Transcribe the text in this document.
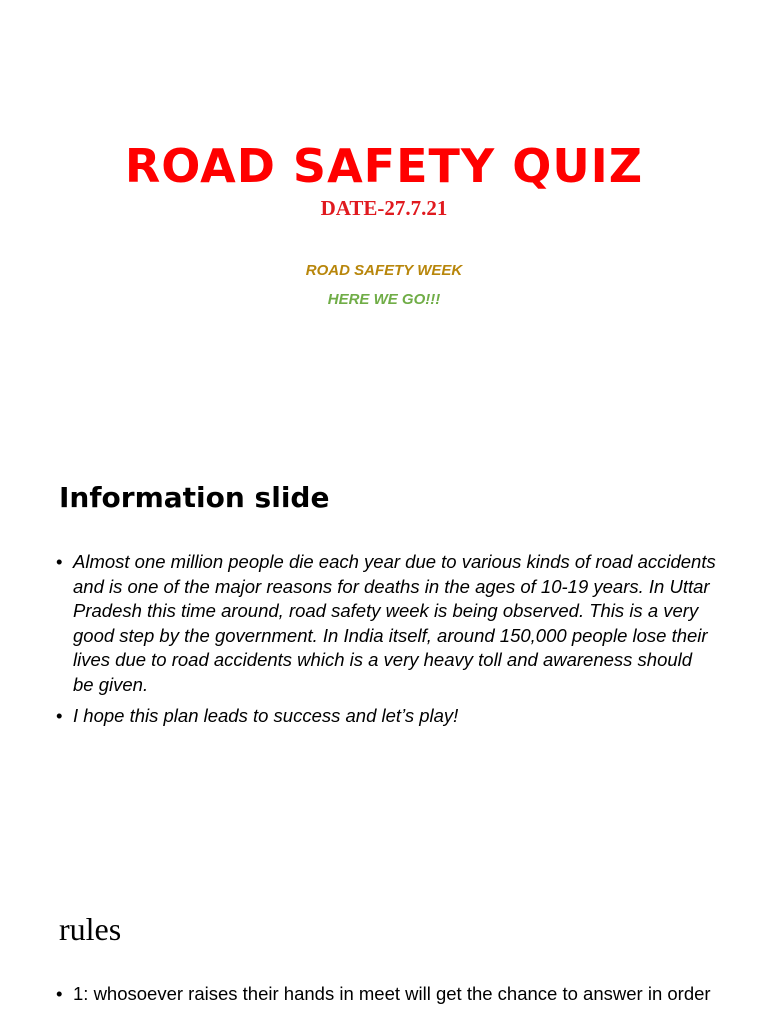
ROAD SAFETY QUIZ
DATE-27.7.21
ROAD SAFETY WEEK
HERE WE GO!!!
Information slide
• Almost one million people die each year due to various kinds of road accidents and is one of the major reasons for deaths in the ages of 10-19 years. In Uttar Pradesh this time around, road safety week is being observed. This is a very good step by the government. In India itself, around 150,000 people lose their lives due to road accidents which is a very heavy toll and awareness should be given.
• I hope this plan leads to success and let’s play!
rules
• 1: whosoever raises their hands in meet will get the chance to answer in order
